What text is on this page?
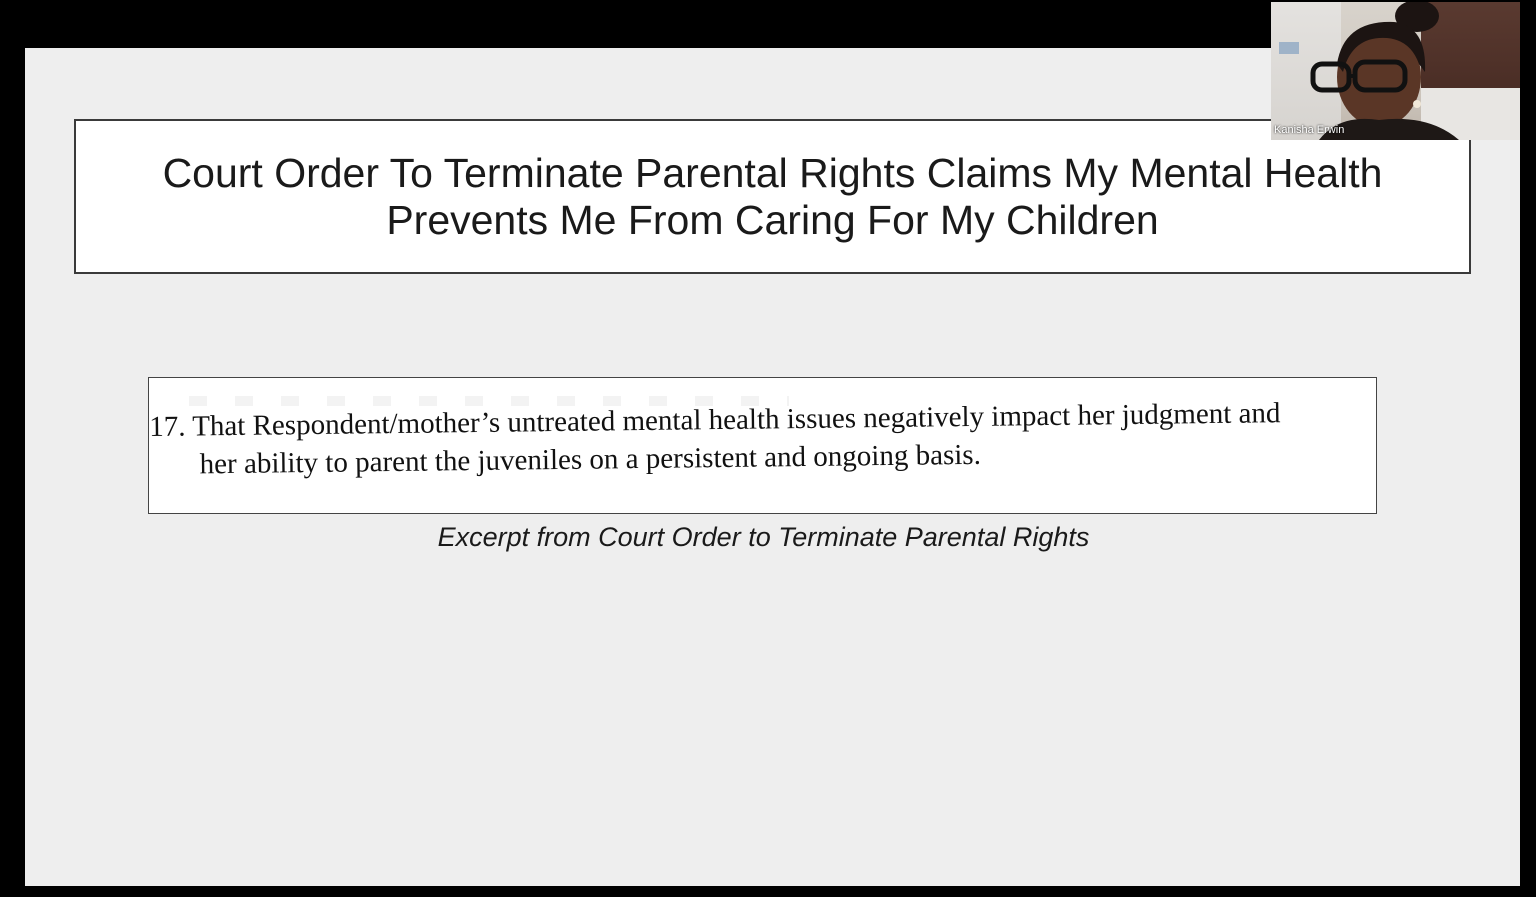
Court Order To Terminate Parental Rights Claims My Mental Health
Prevents Me From Caring For My Children
17. That Respondent/mother’s untreated mental health issues negatively impact her judgment and
her ability to parent the juveniles on a persistent and ongoing basis.
Excerpt from Court Order to Terminate Parental Rights
Kanisha Erwin
